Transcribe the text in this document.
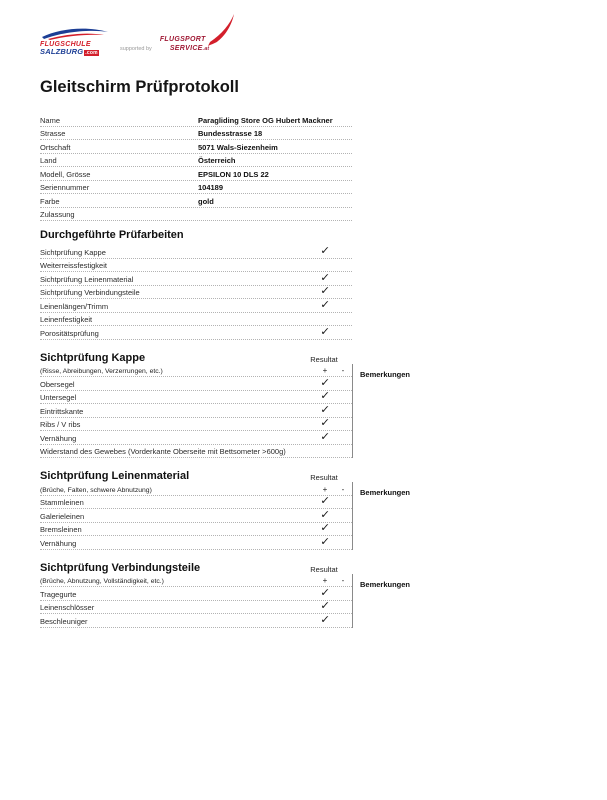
FLUGSCHULE
SALZBURG .com
supported by
FLUGSPORT
SERVICE.at
Gleitschirm Prüfprotokoll
Name	Paragliding Store OG Hubert Mackner
Strasse	Bundesstrasse 18
Ortschaft	5071 Wals-Siezenheim
Land	Österreich
Modell, Grösse	EPSILON 10 DLS 22
Seriennummer	104189
Farbe	gold
Zulassung
Durchgeführte Prüfarbeiten
Sichtprüfung Kappe	✓
Weiterreissfestigkeit
Sichtprüfung Leinenmaterial	✓
Sichtprüfung Verbindungsteile	✓
Leinenlängen/Trimm	✓
Leinenfestigkeit
Porositätsprüfung	✓
Sichtprüfung Kappe	Resultat
(Risse, Abreibungen, Verzerrungen, etc.)	+	-
Obersegel	✓
Untersegel	✓
Eintrittskante	✓
Ribs / V ribs	✓
Vernähung	✓
Widerstand des Gewebes (Vorderkante Oberseite mit Bettsometer >600g)
Bemerkungen
Sichtprüfung Leinenmaterial	Resultat
(Brüche, Falten, schwere Abnutzung)	+	-
Stammleinen	✓
Galerieleinen	✓
Bremsleinen	✓
Vernähung	✓
Bemerkungen
Sichtprüfung Verbindungsteile	Resultat
(Brüche, Abnutzung, Vollständigkeit, etc.)	+	-
Tragegurte	✓
Leinenschlösser	✓
Beschleuniger	✓
Bemerkungen
